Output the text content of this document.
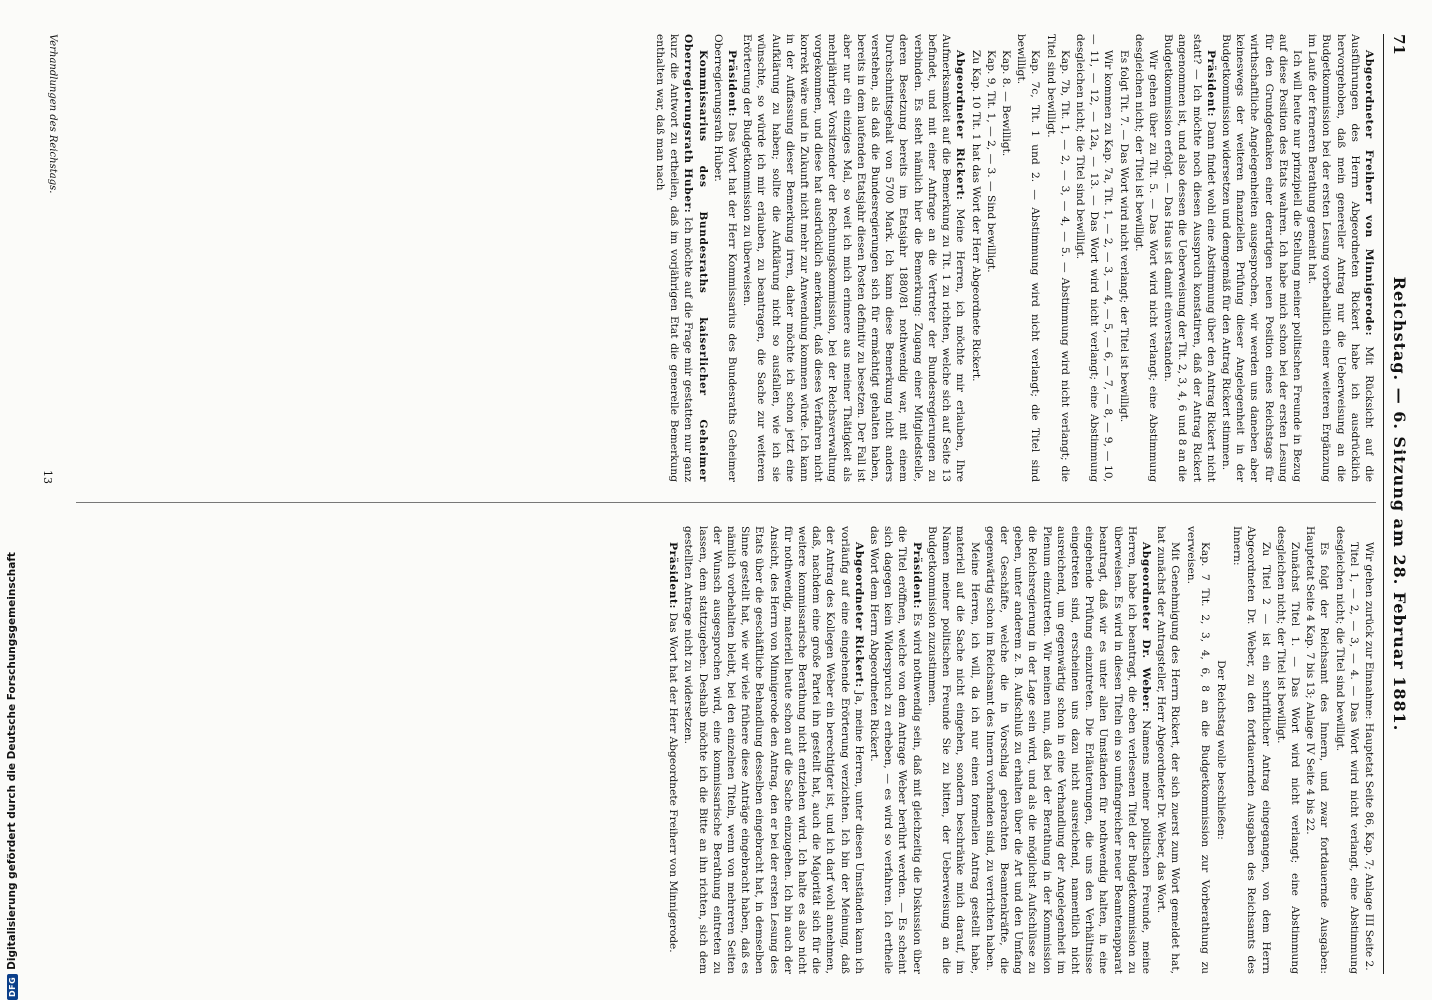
71
Reichstag. — 6. Sitzung am 28. Februar 1881.

Abgeordneter Freiherr von Minnigerode: Mit Rücksicht auf die Ausführungen des Herrn Abgeordneten Rickert habe ich ausdrücklich hervorgehoben, daß mein genereller Antrag nur die Ueberweisung an die Budgetkommission bei der ersten Lesung vorbehaltlich einer weiteren Ergänzung im Laufe der ferneren Berathung gemeint hat.

Ich will heute nur prinzipiell die Stellung meiner politischen Freunde in Bezug auf diese Position des Etats wahren. Ich habe mich schon bei der ersten Lesung für den Grundgedanken einer derartigen neuen Position eines Reichstags für wirthschaftliche Angelegenheiten ausgesprochen, wir werden uns daneben aber keineswegs der weiteren finanziellen Prüfung dieser Angelegenheit in der Budgetkommission widersetzen und demgemäß für den Antrag Rickert stimmen.

Präsident: Dann findet wohl eine Abstimmung über den Antrag Rickert nicht statt? — Ich möchte noch diesen Ausspruch konstatiren, daß der Antrag Rickert angenommen ist, und also dessen die Ueberweisung der Tit. 2, 3, 4, 6 und 8 an die Budgetkommission erfolgt. — Das Haus ist damit einverstanden.

Wir gehen über zu Tit. 5. — Das Wort wird nicht verlangt; eine Abstimmung desgleichen nicht; der Titel ist bewilligt.

Es folgt Tit. 7. — Das Wort wird nicht verlangt; der Titel ist bewilligt.

Wir kommen zu Kap. 7a, Tit. 1, — 2, — 3, — 4, — 5, — 6, — 7, — 8, — 9, — 10, — 11, — 12, — 12a, — 13. — Das Wort wird nicht verlangt; eine Abstimmung desgleichen nicht; die Titel sind bewilligt.

Kap. 7b, Tit. 1, — 2, — 3, — 4, — 5. — Abstimmung wird nicht verlangt; die Titel sind bewilligt.

Kap. 7c, Tit. 1 und 2. — Abstimmung wird nicht verlangt; die Titel sind bewilligt.

Kap. 8. — Bewilligt.

Kap. 9, Tit. 1, — 2, — 3. — Sind bewilligt.

Zu Kap. 10 Tit. 1 hat das Wort der Herr Abgeordnete Rickert.

Abgeordneter Rickert: Meine Herren, ich möchte mir erlauben, Ihre Aufmerksamkeit auf die Bemerkung zu Tit. 1 zu richten, welche sich auf Seite 13 befindet, und mit einer Anfrage an die Vertreter der Bundesregierungen zu verbinden. Es steht nämlich hier die Bemerkung: Zugang einer Mitgliedstelle, deren Besetzung bereits im Etatsjahr 1880/81 nothwendig war, mit einem Durchschnittsgehalt von 5700 Mark. Ich kann diese Bemerkung nicht anders verstehen, als daß die Bundesregierungen sich für ermächtigt gehalten haben, bereits in dem laufenden Etatsjahr diesen Posten definitiv zu besetzen. Der Fall ist aber nur ein einziges Mal, so weit ich mich erinnere aus meiner Thätigkeit als mehrjähriger Vorsitzender der Rechnungskommission, bei der Reichsverwaltung vorgekommen, und diese hat ausdrücklich anerkannt, daß dieses Verfahren nicht korrekt wäre und in Zukunft nicht mehr zur Anwendung kommen würde. Ich kann in der Auffassung dieser Bemerkung irren, daher möchte ich schon jetzt eine Aufklärung zu haben; sollte die Aufklärung nicht so ausfallen, wie ich sie wünschte, so würde ich mir erlauben, zu beantragen, die Sache zur weiteren Erörterung der Budgetkommission zu überweisen.

Präsident: Das Wort hat der Herr Kommissarius des Bundesraths Geheimer Oberregierungsrath Huber.

Kommissarius des Bundesraths kaiserlicher Geheimer Oberregierungsrath Huber: Ich möchte auf die Frage mir gestatten nur ganz kurz die Antwort zu ertheilen, daß im vorjährigen Etat die generelle Bemerkung enthalten war, daß man nach

Wir gehen zurück zur Einnahme: Hauptetat Seite 86, Kap. 7; Anlage III Seite 2.

Titel 1, — 2, — 3, — 4. — Das Wort wird nicht verlangt, eine Abstimmung desgleichen nicht; die Titel sind bewilligt.

Es folgt der Reichsamt des Innern, und zwar fortdauernde Ausgaben: Hauptetat Seite 4 Kap. 7 bis 13; Anlage IV Seite 4 bis 22.

Zunächst Titel 1. — Das Wort wird nicht verlangt; eine Abstimmung desgleichen nicht; der Titel ist bewilligt.

Zu Titel 2 — ist ein schriftlicher Antrag eingegangen, von dem Herrn Abgeordneten Dr. Weber, zu den fortdauernden Ausgaben des Reichsamts des Innern:

Der Reichstag wolle beschließen:

Kap. 7 Tit. 2, 3, 4, 6, 8 an die Budgetkommission zur Vorberathung zu verweisen.

Mit Genehmigung des Herrn Rickert, der sich zuerst zum Wort gemeldet hat, hat zunächst der Antragsteller, Herr Abgeordneter Dr. Weber, das Wort.

Abgeordneter Dr. Weber: Namens meiner politischen Freunde, meine Herren, habe ich beantragt, die eben verlesenen Titel der Budgetkommission zu überweisen. Es wird in diesen Titeln ein so umfangreicher neuer Beamtenapparat beantragt, daß wir es unter allen Umständen für nothwendig halten, in eine eingehende Prüfung einzutreten. Die Erläuterungen, die uns den Verhältnisse eingetreten sind, erscheinen uns dazu nicht ausreichend, namentlich nicht ausreichend, um gegenwärtig schon in eine Verhandlung der Angelegenheit im Plenum einzutreten. Wir meinen nun, daß bei der Berathung in der Kommission die Reichsregierung in der Lage sein wird, und als die möglichst Aufschlüsse zu geben, unter anderem z. B. Aufschluß zu erhalten über die Art und den Umfang der Geschäfte, welche die in Vorschlag gebrachten Beamtenkräfte, die gegenwärtig schon im Reichsamt des Innern vorhanden sind, zu verrichten haben.

Meine Herren, ich will, da ich nur einen formellen Antrag gestellt habe, materiell auf die Sache nicht eingehen, sondern beschränke mich darauf, im Namen meiner politischen Freunde Sie zu bitten, der Ueberweisung an die Budgetkommission zuzustimmen.

Präsident: Es wird nothwendig sein, daß mit gleichzeitig die Diskussion über die Titel eröffnen, welche von dem Antrage Weber berührt werden. — Es scheint sich dagegen kein Widerspruch zu erheben, — es wird so verfahren. Ich ertheile das Wort dem Herrn Abgeordneten Rickert.

Abgeordneter Rickert: Ja, meine Herren, unter diesen Umständen kann ich vorläufig auf eine eingehende Erörterung verzichten. Ich bin der Meinung, daß der Antrag des Kollegen Weber ein berechtigter ist, und ich darf wohl annehmen, daß, nachdem eine große Partei ihn gestellt hat, auch die Majorität sich für die weitere kommissarische Berathung nicht entziehen wird. Ich halte es also nicht für nothwendig, materiell heute schon auf die Sache einzugehen. Ich bin auch der Ansicht, des Herrn von Minnigerode den Antrag, den er bei der ersten Lesung des Etats über die geschäftliche Behandlung desselben eingebracht hat, in demselben Sinne gestellt hat, wie wir viele frühere diese Anträge eingebracht haben, daß es nämlich vorbehalten bleibt, bei den einzelnen Titeln, wenn von mehreren Seiten der Wunsch ausgesprochen wird, eine kommissarische Berathung eintreten zu lassen, dem stattzugeben. Deshalb möchte ich die Bitte an ihn richten, sich dem gestellten Antrage nicht zu widersetzen.

Präsident: Das Wort hat der Herr Abgeordnete Freiherr von Minnigerode.

Verhandlungen des Reichstags.
13
DFG
Digitalisierung gefördert durch die Deutsche Forschungsgemeinschaft
